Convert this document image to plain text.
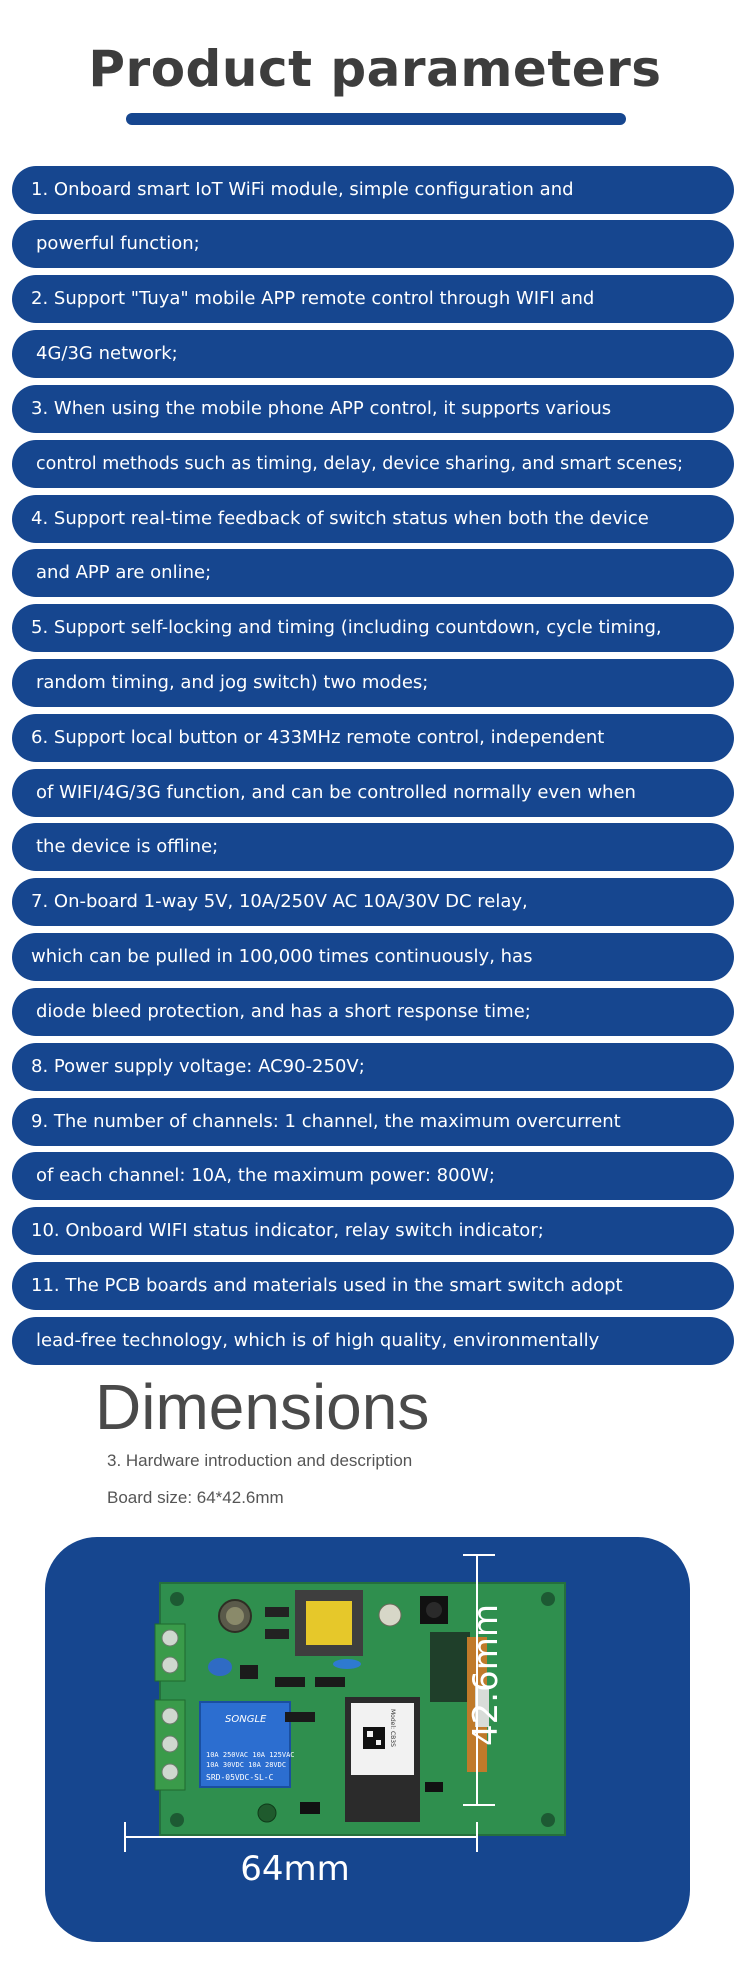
Product parameters
1. Onboard smart IoT WiFi module, simple configuration and
powerful function;
2. Support "Tuya" mobile APP remote control through WIFI and
4G/3G network;
3. When using the mobile phone APP control, it supports various
control methods such as timing, delay, device sharing, and smart scenes;
4. Support real-time feedback of switch status when both the device
and APP are online;
5. Support self-locking and timing (including countdown, cycle timing,
random timing, and jog switch) two modes;
6. Support local button or 433MHz remote control, independent
of WIFI/4G/3G function, and can be controlled normally even when
the device is offline;
7. On-board 1-way 5V, 10A/250V AC 10A/30V DC relay,
which can be pulled in 100,000 times continuously, has
diode bleed protection, and has a short response time;
8. Power supply voltage: AC90-250V;
9. The number of channels: 1 channel, the maximum overcurrent
of each channel: 10A, the maximum power: 800W;
10. Onboard WIFI status indicator, relay switch indicator;
11. The PCB boards and materials used in the smart switch adopt
lead-free technology, which is of high quality, environmentally
Dimensions
3. Hardware introduction and description
Board size: 64*42.6mm
SONGLE
10A 250VAC 10A 125VAC
10A 30VDC 10A 28VDC
SRD-05VDC-SL-C
Model: CB3S
64mm
42.6mm
